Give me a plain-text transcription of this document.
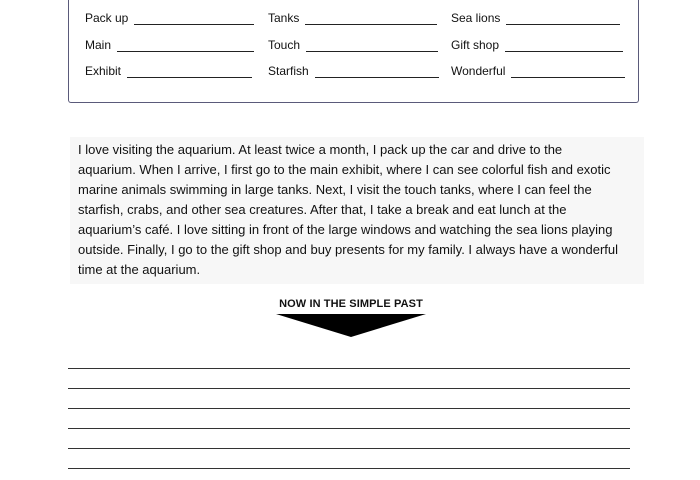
Pack up	Tanks	Sea lions
Main	Touch	Gift shop
Exhibit	Starfish	Wonderful

I love visiting the aquarium. At least twice a month, I pack up the car and drive to the

aquarium. When I arrive, I first go to the main exhibit, where I can see colorful fish and exotic

marine animals swimming in large tanks. Next, I visit the touch tanks, where I can feel the

starfish, crabs, and other sea creatures. After that, I take a break and eat lunch at the

aquarium’s café. I love sitting in front of the large windows and watching the sea lions playing

outside. Finally, I go to the gift shop and buy presents for my family. I always have a wonderful

time at the aquarium.

NOW IN THE SIMPLE PAST
